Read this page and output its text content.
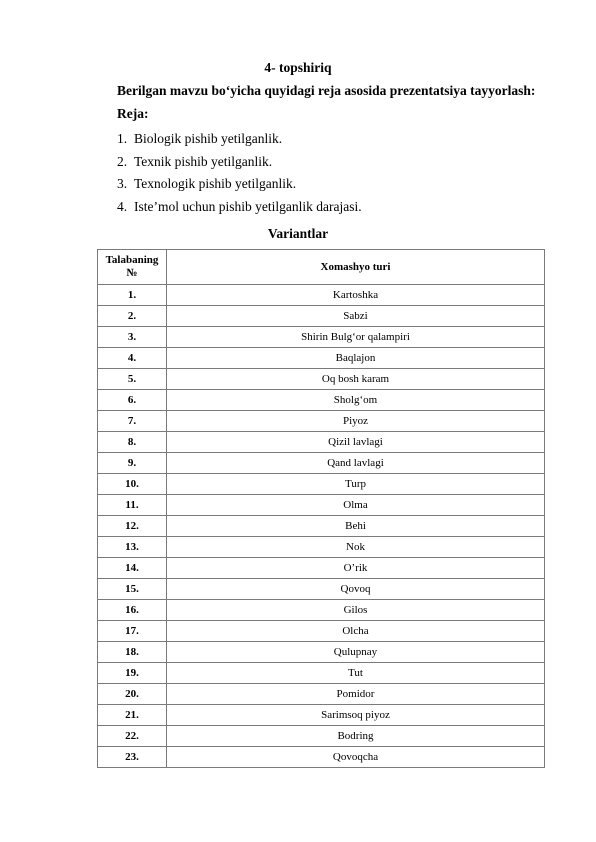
4- topshiriq
Berilgan mavzu bo‘yicha quyidagi reja asosida prezentatsiya tayyorlash:
Reja:
1. Biologik pishib yetilganlik.
2. Texnik pishib yetilganlik.
3. Texnologik pishib yetilganlik.
4. Iste’mol uchun pishib yetilganlik darajasi.
Variantlar
Talabaning
№	Xomashyo turi
1.	Kartoshka
2.	Sabzi
3.	Shirin Bulg‘or qalampiri
4.	Baqlajon
5.	Oq bosh karam
6.	Sholg‘om
7.	Piyoz
8.	Qizil lavlagi
9.	Qand lavlagi
10.	Turp
11.	Olma
12.	Behi
13.	Nok
14.	O’rik
15.	Qovoq
16.	Gilos
17.	Olcha
18.	Qulupnay
19.	Tut
20.	Pomidor
21.	Sarimsoq piyoz
22.	Bodring
23.	Qovoqcha
